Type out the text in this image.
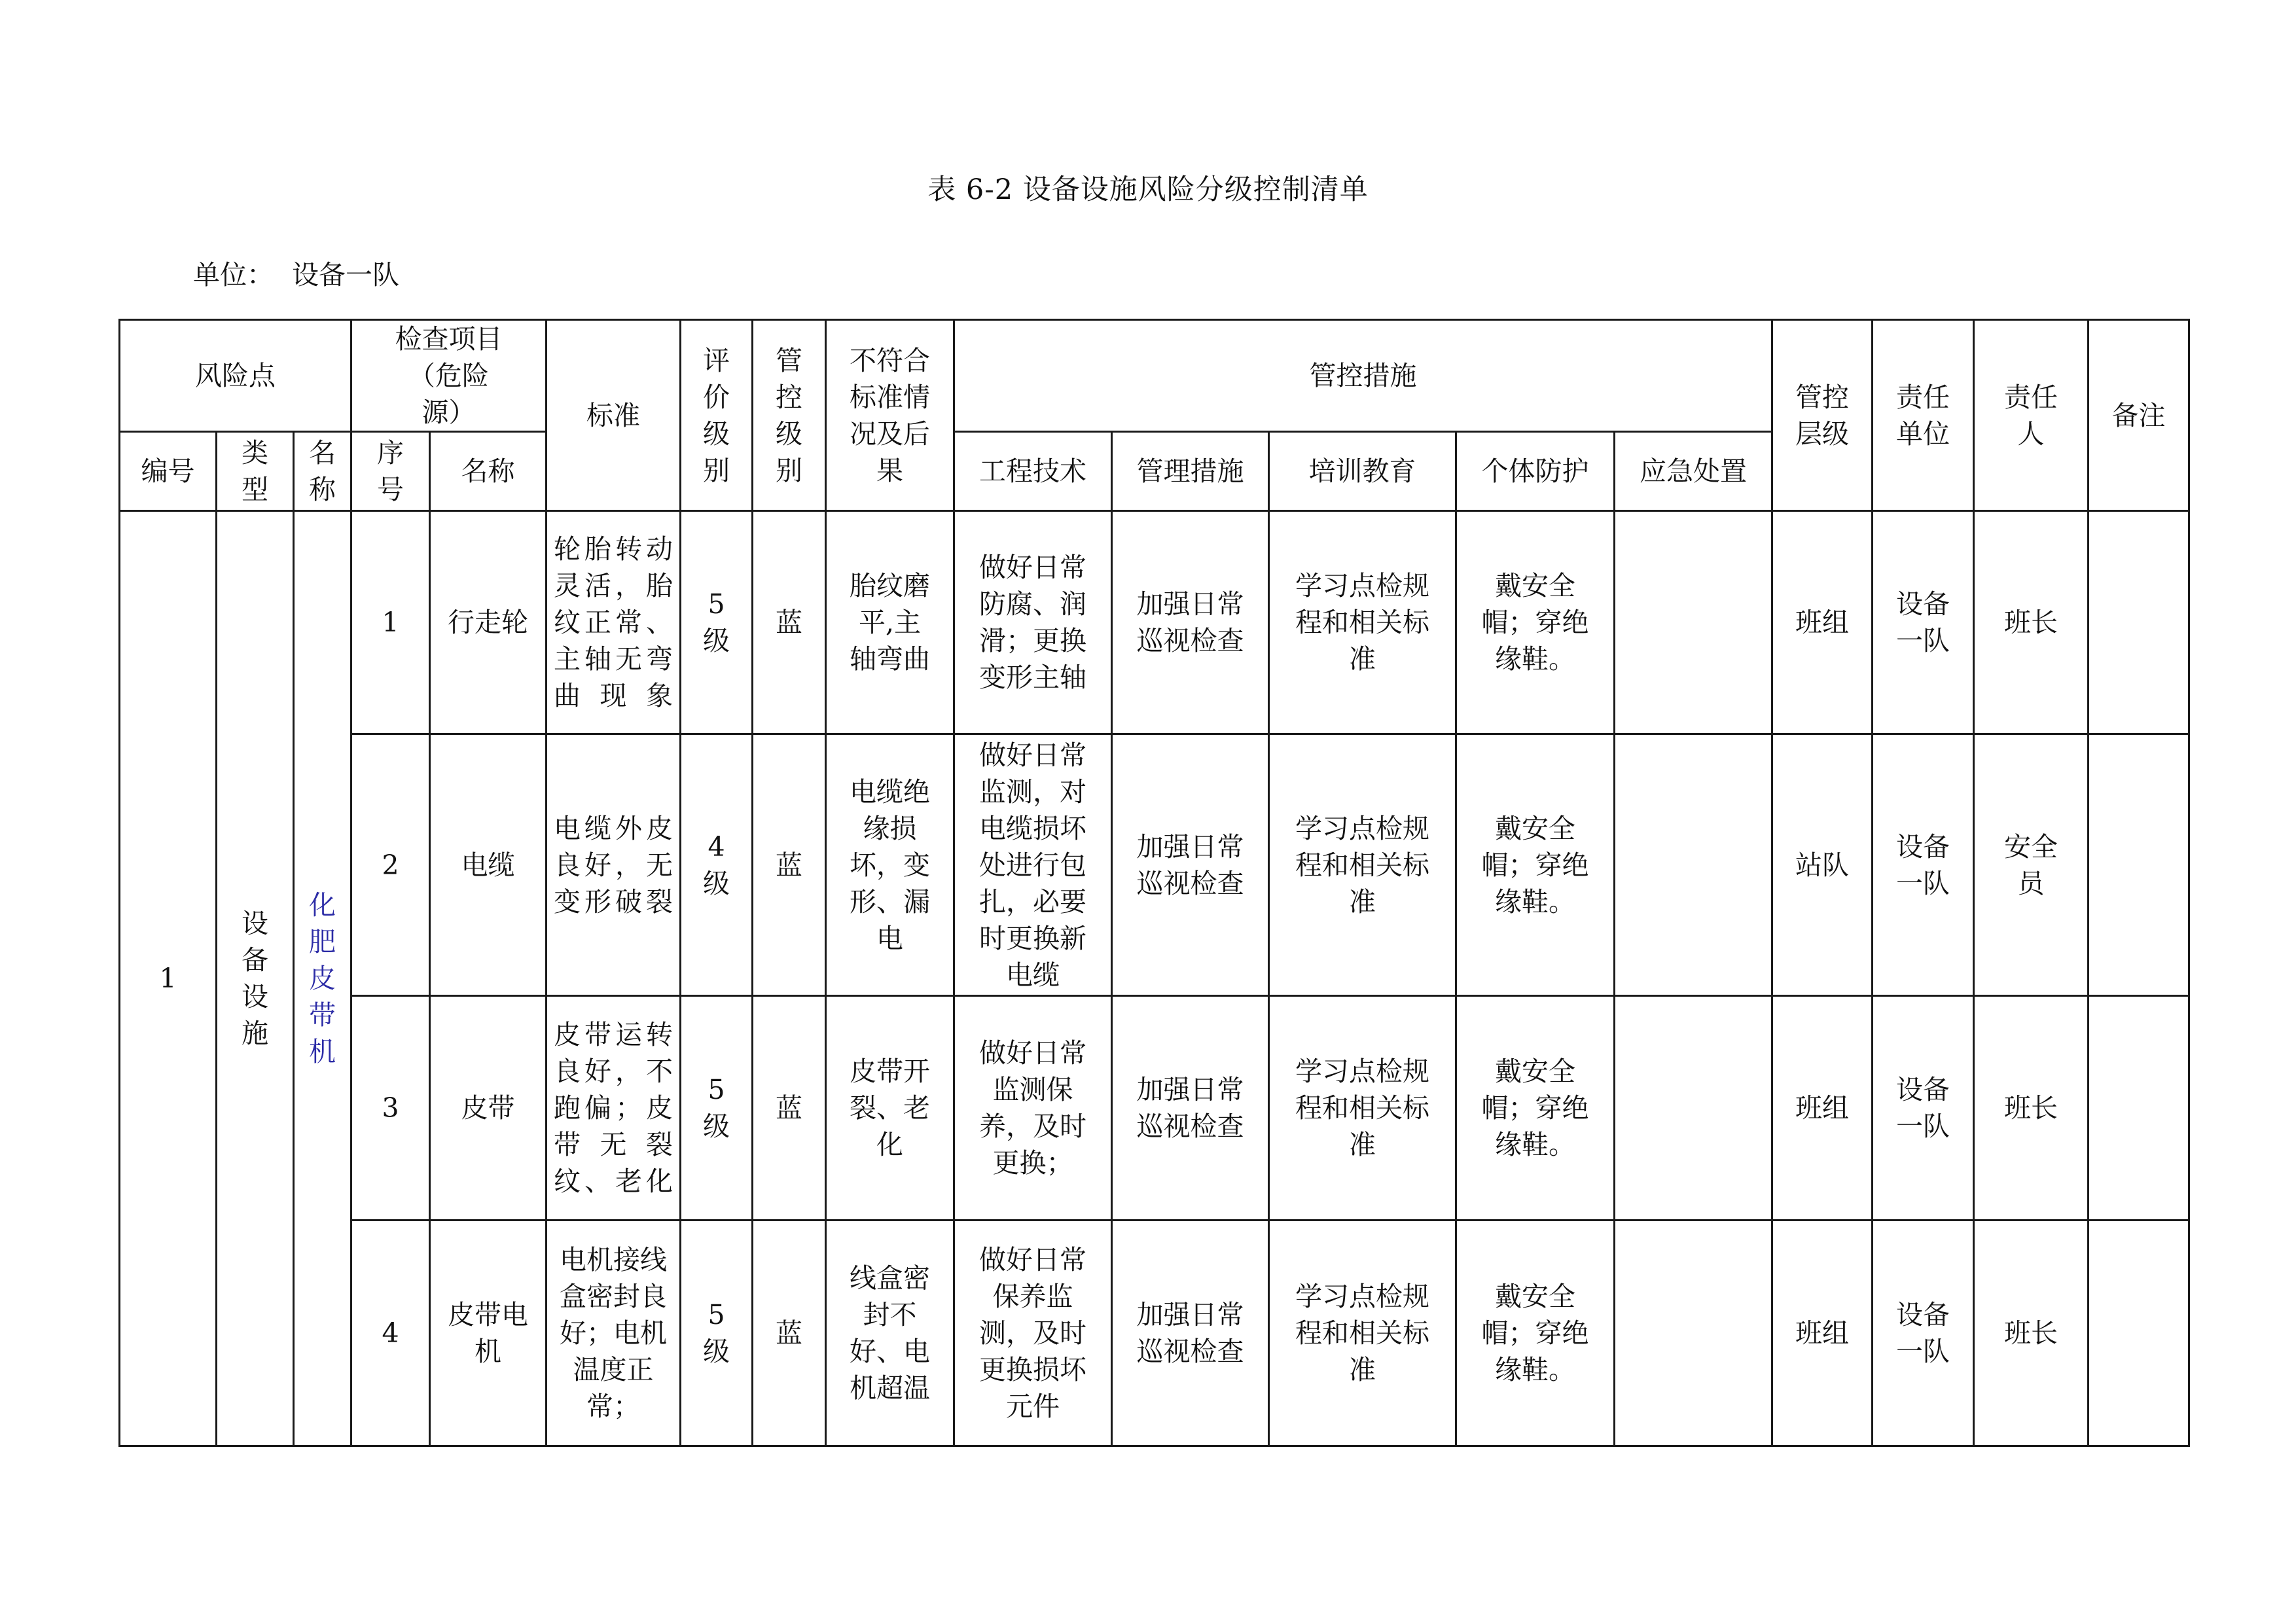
表 6-2 设备设施风险分级控制清单
单位： 设备一队
风险点			检查项目（危险源）		标准	评价级别	管控级别	不符合标准情况及后果	管控措施					管控层级	责任单位	责任人	备注
编号	类型	名称	序号	名称					工程技术	管理措施	培训教育	个体防护	应急处置				
1	设备设施	化肥皮带机	1	行走轮	轮胎转动灵活，胎纹正常、主轴无弯曲现象	5级	蓝	胎纹磨平,主轴弯曲	做好日常防腐、润滑；更换变形主轴	加强日常巡视检查	学习点检规程和相关标准	戴安全帽；穿绝缘鞋。		班组	设备一队	班长	
			2	电缆	电缆外皮良好，无变形破裂	4级	蓝	电缆绝缘损坏，变形、漏电	做好日常监测，对电缆损坏处进行包扎，必要时更换新电缆	加强日常巡视检查	学习点检规程和相关标准	戴安全帽；穿绝缘鞋。		站队	设备一队	安全员	
			3	皮带	皮带运转良好，不跑偏；皮带无裂纹、老化	5级	蓝	皮带开裂、老化	做好日常监测保养，及时更换；	加强日常巡视检查	学习点检规程和相关标准	戴安全帽；穿绝缘鞋。		班组	设备一队	班长	
			4	皮带电机	电机接线盒密封良好；电机温度正常；	5级	蓝	线盒密封不好、电机超温	做好日常保养监测，及时更换损坏元件	加强日常巡视检查	学习点检规程和相关标准	戴安全帽；穿绝缘鞋。		班组	设备一队	班长	
